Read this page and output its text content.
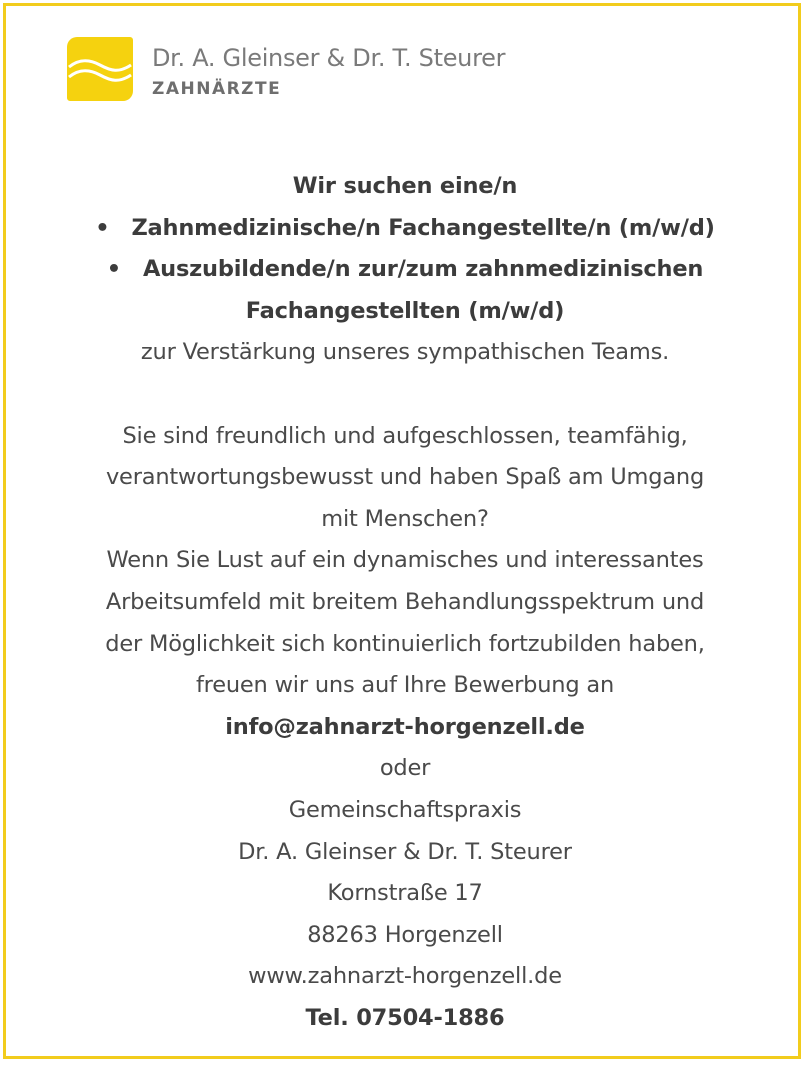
Dr. A. Gleinser & Dr. T. Steurer
ZAHNÄRZTE
Wir suchen eine/n
• Zahnmedizinische/n Fachangestellte/n (m/w/d)
• Auszubildende/n zur/zum zahnmedizinischen
Fachangestellten (m/w/d)
zur Verstärkung unseres sympathischen Teams.
Sie sind freundlich und aufgeschlossen, teamfähig,
verantwortungsbewusst und haben Spaß am Umgang
mit Menschen?
Wenn Sie Lust auf ein dynamisches und interessantes
Arbeitsumfeld mit breitem Behandlungsspektrum und
der Möglichkeit sich kontinuierlich fortzubilden haben,
freuen wir uns auf Ihre Bewerbung an
info@zahnarzt-horgenzell.de
oder
Gemeinschaftspraxis
Dr. A. Gleinser & Dr. T. Steurer
Kornstraße 17
88263 Horgenzell
www.zahnarzt-horgenzell.de
Tel. 07504-1886
